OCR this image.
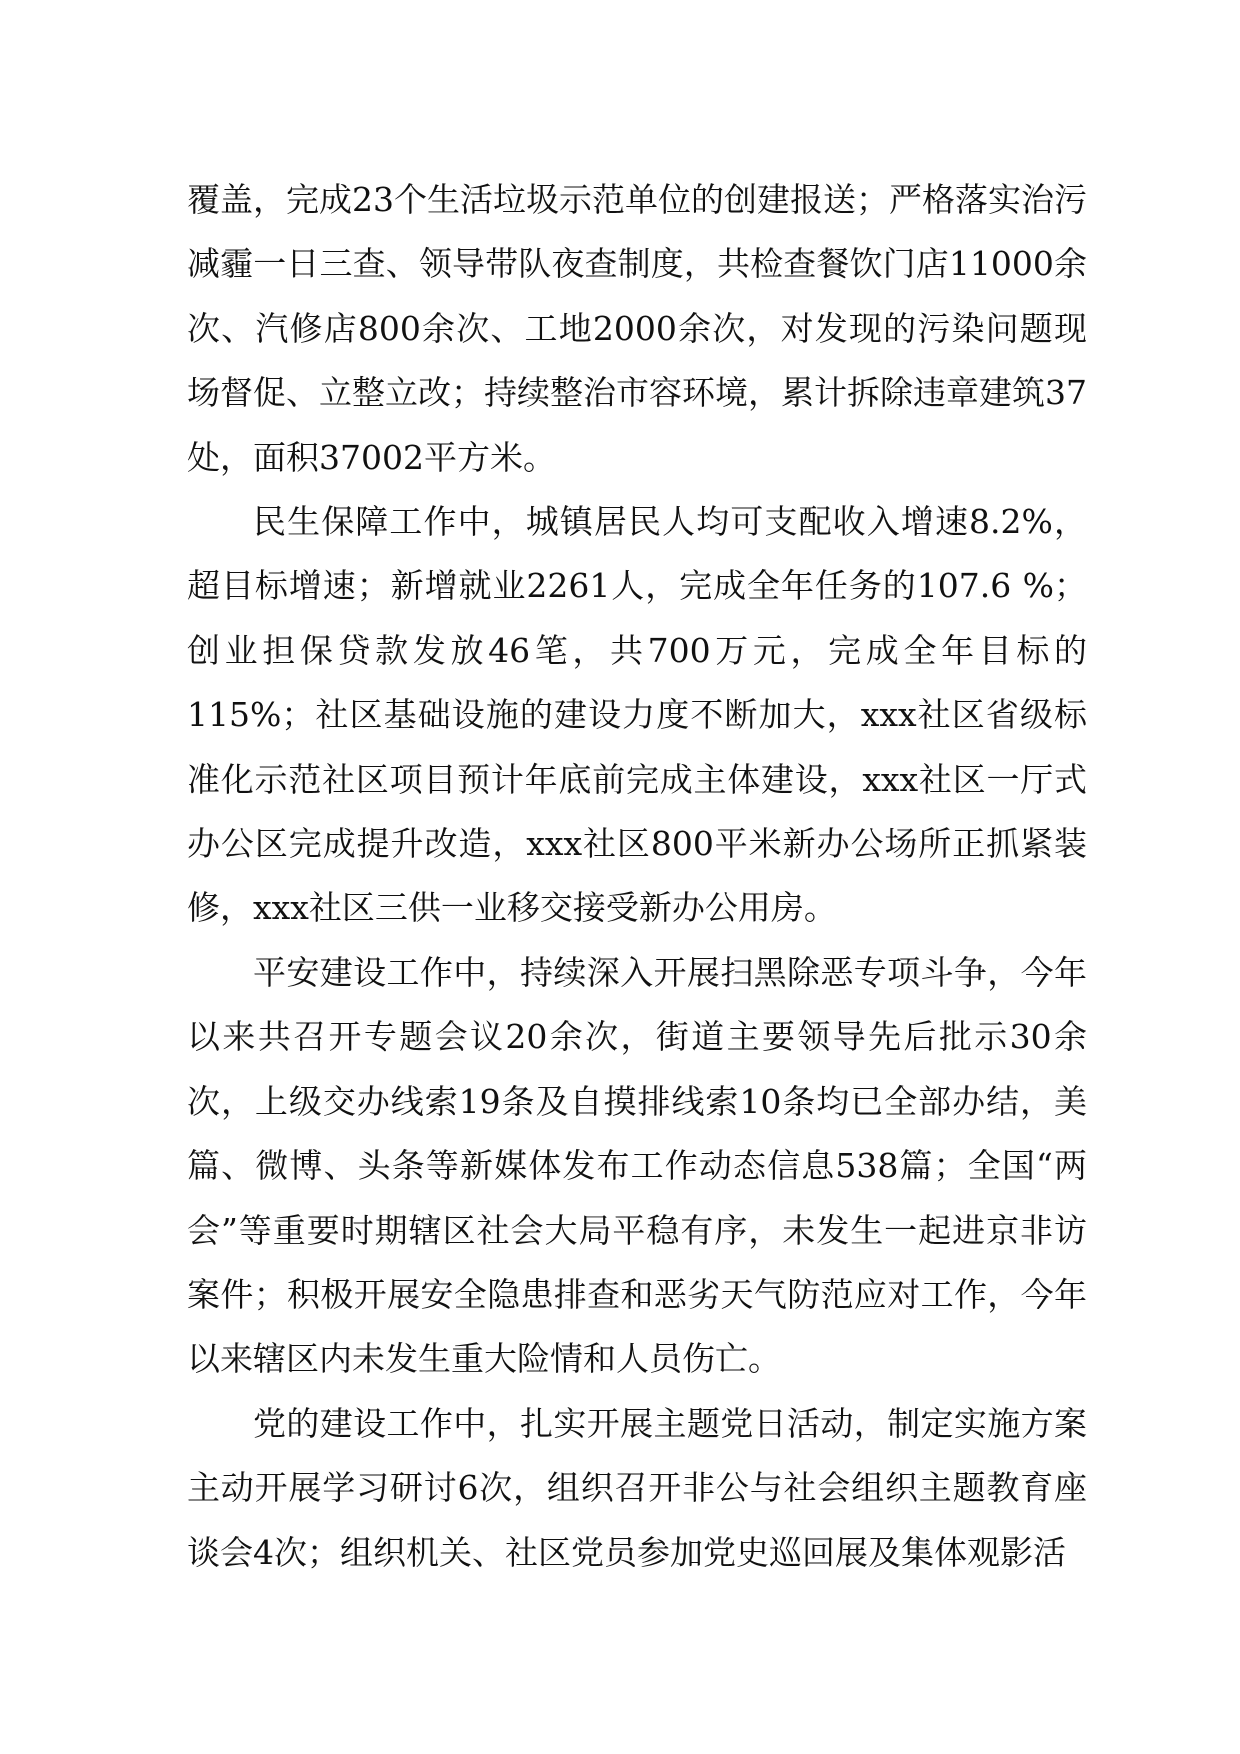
覆盖，完成23个生活垃圾示范单位的创建报送；严格落实治污减霾一日三查、领导带队夜查制度，共检查餐饮门店11000余次、汽修店800余次、工地2000余次，对发现的污染问题现场督促、立整立改；持续整治市容环境，累计拆除违章建筑37处，面积37002平方米。

民生保障工作中，城镇居民人均可支配收入增速8.2%，超目标增速；新增就业2261人，完成全年任务的107.6 %；创业担保贷款发放46笔，共700万元，完成全年目标的115%；社区基础设施的建设力度不断加大，xxx社区省级标准化示范社区项目预计年底前完成主体建设，xxx社区一厅式办公区完成提升改造，xxx社区800平米新办公场所正抓紧装修，xxx社区三供一业移交接受新办公用房。

平安建设工作中，持续深入开展扫黑除恶专项斗争，今年以来共召开专题会议20余次，街道主要领导先后批示30余次，上级交办线索19条及自摸排线索10条均已全部办结，美篇、微博、头条等新媒体发布工作动态信息538篇；全国“两会”等重要时期辖区社会大局平稳有序，未发生一起进京非访案件；积极开展安全隐患排查和恶劣天气防范应对工作，今年以来辖区内未发生重大险情和人员伤亡。

党的建设工作中，扎实开展主题党日活动，制定实施方案主动开展学习研讨6次，组织召开非公与社会组织主题教育座谈会4次；组织机关、社区党员参加党史巡回展及集体观影活
